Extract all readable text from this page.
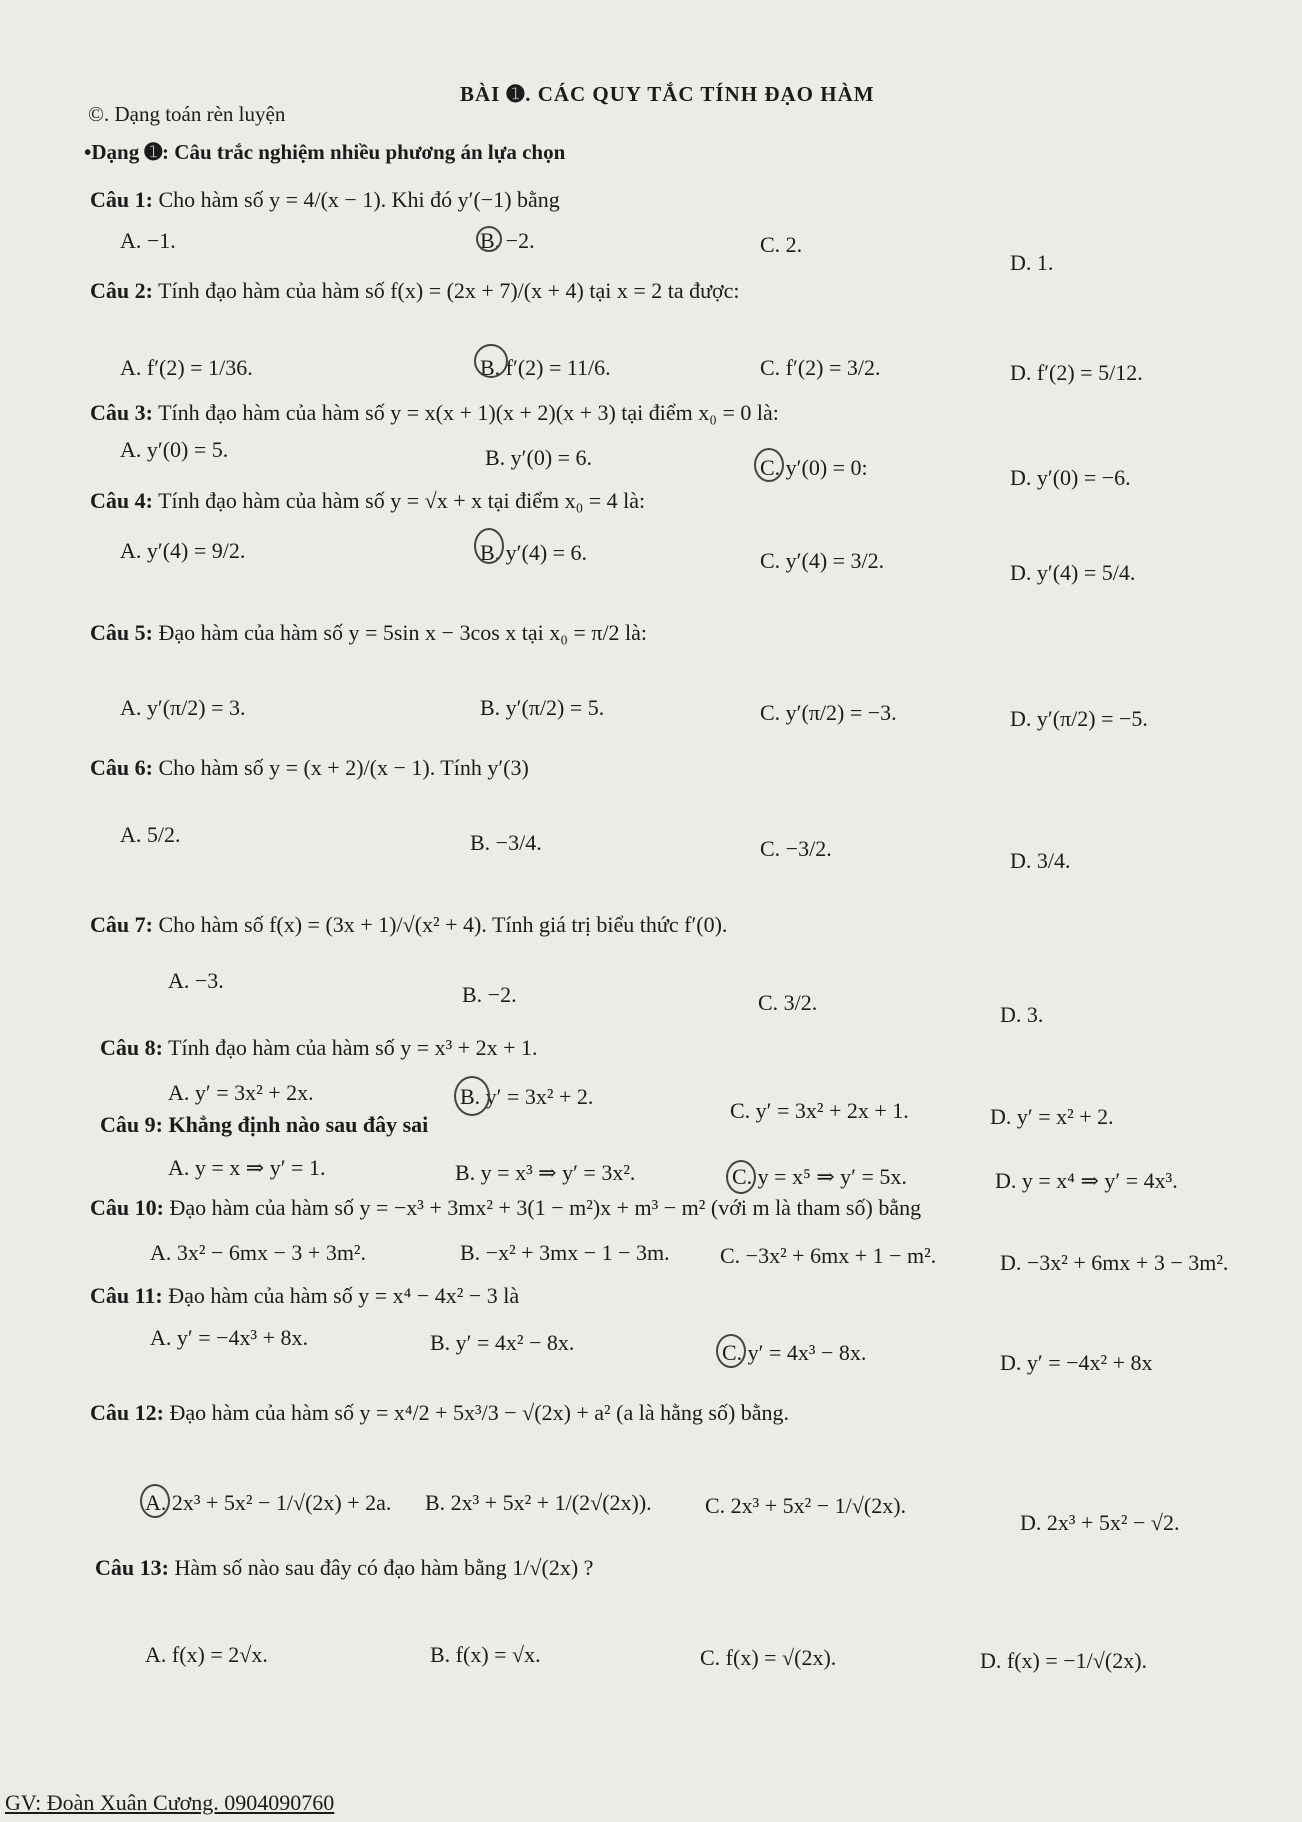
BÀI ➊. CÁC QUY TẮC TÍNH ĐẠO HÀM
©. Dạng toán rèn luyện
•Dạng ➊: Câu trắc nghiệm nhiều phương án lựa chọn
Câu 1: Cho hàm số y = 4/(x − 1). Khi đó y′(−1) bằng
A. −1.	B. −2.	C. 2.
D. 1.
Câu 2: Tính đạo hàm của hàm số f(x) = (2x + 7)/(x + 4) tại x = 2 ta được:
A. f′(2) = 1/36.	B. f′(2) = 11/6.	C. f′(2) = 3/2.	D. f′(2) = 5/12.
Câu 3: Tính đạo hàm của hàm số y = x(x + 1)(x + 2)(x + 3) tại điểm x₀ = 0 là:
A. y′(0) = 5.	B. y′(0) = 6.	C. y′(0) = 0:	D. y′(0) = −6.
Câu 4: Tính đạo hàm của hàm số y = √x + x tại điểm x₀ = 4 là:
A. y′(4) = 9/2.	B. y′(4) = 6.	C. y′(4) = 3/2.	D. y′(4) = 5/4.
Câu 5: Đạo hàm của hàm số y = 5sin x − 3cos x tại x₀ = π/2 là:
A. y′(π/2) = 3.	B. y′(π/2) = 5.	C. y′(π/2) = −3.	D. y′(π/2) = −5.
Câu 6: Cho hàm số y = (x + 2)/(x − 1). Tính y′(3)
A. 5/2.	B. −3/4.	C. −3/2.	D. 3/4.
Câu 7: Cho hàm số f(x) = (3x + 1)/√(x² + 4). Tính giá trị biểu thức f′(0).
A. −3.
B. −2.	C. 3/2.	D. 3.
Câu 8: Tính đạo hàm của hàm số y = x³ + 2x + 1.
A. y′ = 3x² + 2x.	B. y′ = 3x² + 2.
C. y′ = 3x² + 2x + 1.	D. y′ = x² + 2.
Câu 9: Khẳng định nào sau đây sai
A. y = x ⇒ y′ = 1.	B. y = x³ ⇒ y′ = 3x².	C. y = x⁵ ⇒ y′ = 5x.	D. y = x⁴ ⇒ y′ = 4x³.
Câu 10: Đạo hàm của hàm số y = −x³ + 3mx² + 3(1 − m²)x + m³ − m² (với m là tham số) bằng
A. 3x² − 6mx − 3 + 3m².	B. −x² + 3mx − 1 − 3m. C. −3x² + 6mx + 1 − m².	D. −3x² + 6mx + 3 − 3m².
Câu 11: Đạo hàm của hàm số y = x⁴ − 4x² − 3 là
A. y′ = −4x³ + 8x.	B. y′ = 4x² − 8x.	C. y′ = 4x³ − 8x.	D. y′ = −4x² + 8x
Câu 12: Đạo hàm của hàm số y = x⁴/2 + 5x³/3 − √(2x) + a² (a là hằng số) bằng.
A. 2x³ + 5x² − 1/√(2x) + 2a. B. 2x³ + 5x² + 1/(2√(2x)). C. 2x³ + 5x² − 1/√(2x).
D. 2x³ + 5x² − √2.
Câu 13: Hàm số nào sau đây có đạo hàm bằng 1/√(2x) ?
A. f(x) = 2√x.	B. f(x) = √x.	C. f(x) = √(2x).	D. f(x) = −1/√(2x).
GV: Đoàn Xuân Cương. 0904090760
